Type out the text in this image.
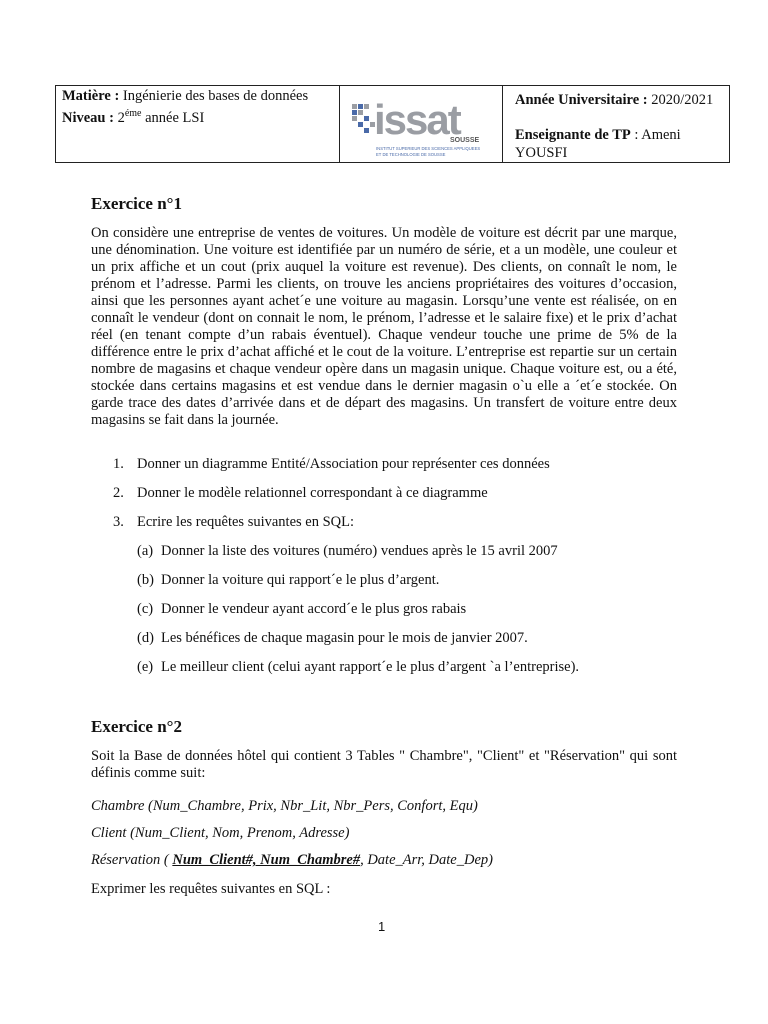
Matière : Ingénierie des bases de données
Niveau : $2^{éme}$ année LSI	issat
SOUSSE
INSTITUT SUPERIEUR DES SCIENCES APPLIQUEES
ET DE TECHNOLOGIE DE SOUSSE

Année Universitaire : 2020/2021
Enseignante de TP : Ameni
YOUSFI
Exercice n°1

On considère une entreprise de ventes de voitures. Un modèle de voiture est décrit par une marque, une dénomination. Une voiture est identifiée par un numéro de série, et a un modèle, une couleur et un prix affiche et un cout (prix auquel la voiture est revenue). Des clients, on connaît le nom, le prénom et l’adresse. Parmi les clients, on trouve les anciens propriétaires des voitures d’occasion, ainsi que les personnes ayant achet´e une voiture au magasin. Lorsqu’une vente est réalisée, on en connaît le vendeur (dont on connait le nom, le prénom, l’adresse et le salaire fixe) et le prix d’achat réel (en tenant compte d’un rabais éventuel). Chaque vendeur touche une prime de 5% de la différence entre le prix d’achat affiché et le cout de la voiture. L’entreprise est repartie sur un certain nombre de magasins et chaque vendeur opère dans un magasin unique. Chaque voiture est, ou a été, stockée dans certains magasins et est vendue dans le dernier magasin o`u elle a ´et´e stockée. On garde trace des dates d’arrivée dans et de départ des magasins. Un transfert de voiture entre deux magasins se fait dans la journée.

1. Donner un diagramme Entité/Association pour représenter ces données
2. Donner le modèle relationnel correspondant à ce diagramme
3. Ecrire les requêtes suivantes en SQL:
(a) Donner la liste des voitures (numéro) vendues après le 15 avril 2007
(b) Donner la voiture qui rapport´e le plus d’argent.
(c) Donner le vendeur ayant accord´e le plus gros rabais
(d) Les bénéfices de chaque magasin pour le mois de janvier 2007.
(e) Le meilleur client (celui ayant rapport´e le plus d’argent `a l’entreprise).
Exercice n°2

Soit la Base de données hôtel qui contient 3 Tables " Chambre", "Client" et "Réservation" qui sont définis comme suit:

Chambre (Num_Chambre, Prix, Nbr_Lit, Nbr_Pers, Confort, Equ)
Client (Num_Client, Nom, Prenom, Adresse)
Réservation ( Num_Client#, Num_Chambre#, Date_Arr, Date_Dep)
Exprimer les requêtes suivantes en SQL :
1
